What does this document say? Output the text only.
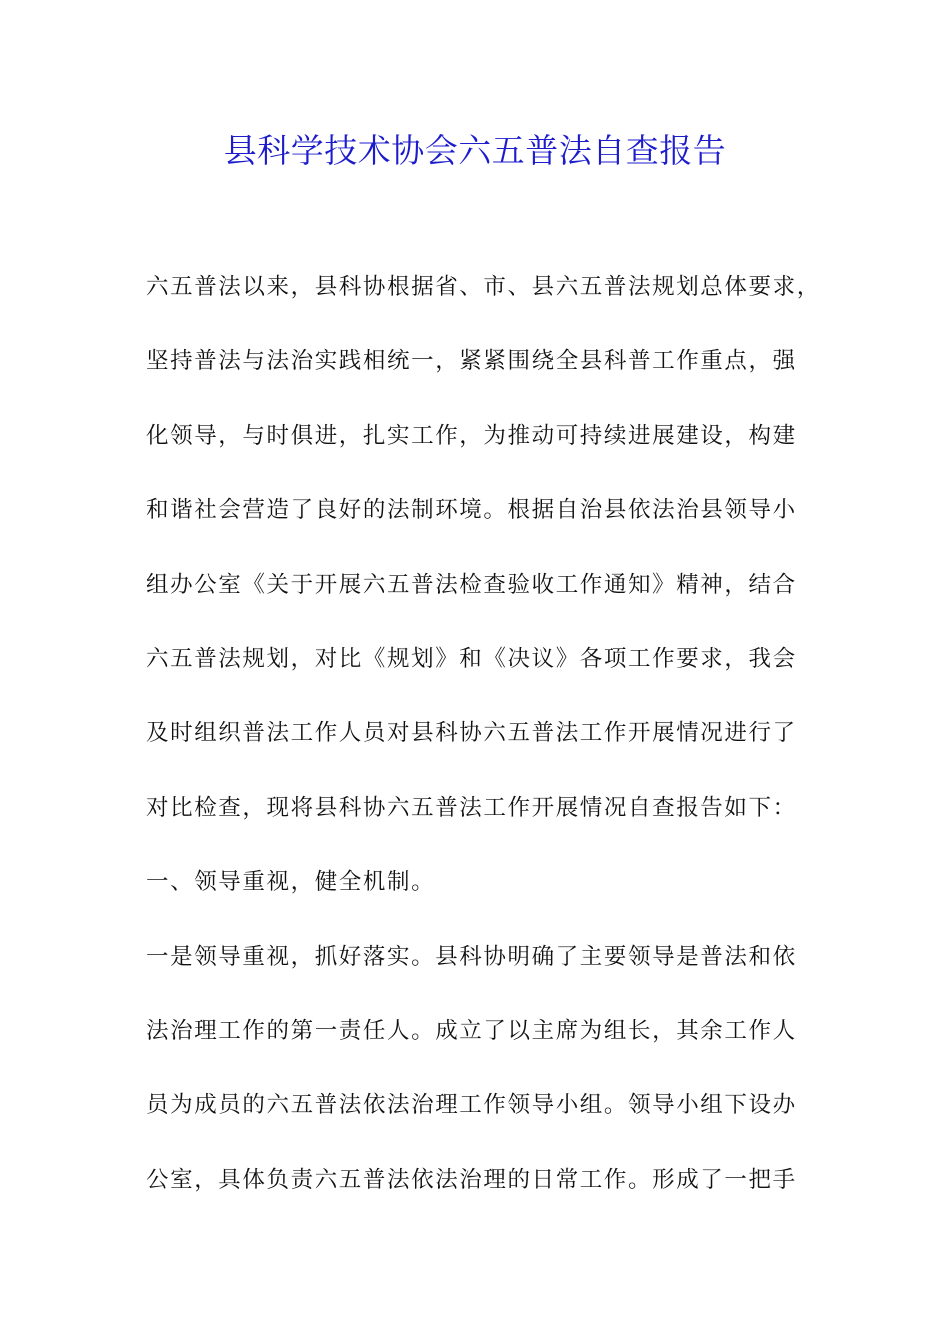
县科学技术协会六五普法自查报告
六五普法以来，县科协根据省、市、县六五普法规划总体要求，
坚持普法与法治实践相统一，紧紧围绕全县科普工作重点，强
化领导，与时俱进，扎实工作，为推动可持续进展建设，构建
和谐社会营造了良好的法制环境。根据自治县依法治县领导小
组办公室《关于开展六五普法检查验收工作通知》精神，结合
六五普法规划，对比《规划》和《决议》各项工作要求，我会
及时组织普法工作人员对县科协六五普法工作开展情况进行了
对比检查，现将县科协六五普法工作开展情况自查报告如下：
一、领导重视，健全机制。
一是领导重视，抓好落实。县科协明确了主要领导是普法和依
法治理工作的第一责任人。成立了以主席为组长，其余工作人
员为成员的六五普法依法治理工作领导小组。领导小组下设办
公室，具体负责六五普法依法治理的日常工作。形成了一把手
